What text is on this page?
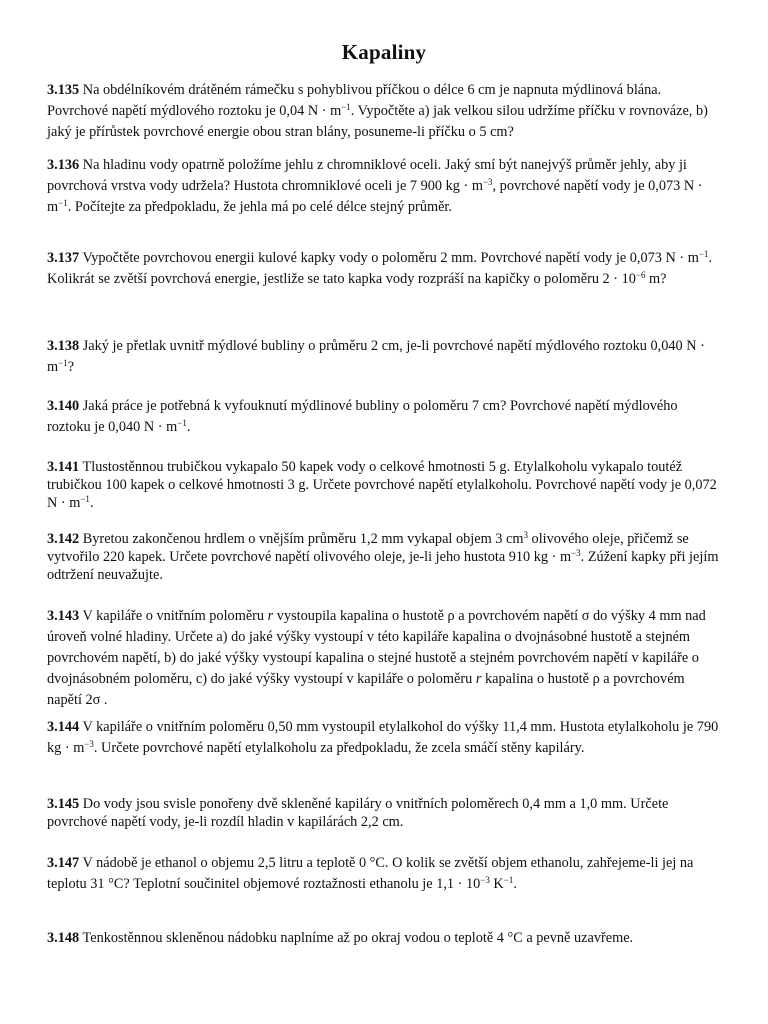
Kapaliny
3.135 Na obdélníkovém drátěném rámečku s pohyblivou příčkou o délce 6 cm je napnuta mýdlinová blána. Povrchové napětí mýdlového roztoku je 0,04 $N \cdot m^{-1}$. Vypočtěte a) jak velkou silou udržíme příčku v rovnováze, b) jaký je přírůstek povrchové energie obou stran blány, posuneme-li příčku o 5 cm?
3.136 Na hladinu vody opatrně položíme jehlu z chromniklové oceli. Jaký smí být nanejvýš průměr jehly, aby ji povrchová vrstva vody udržela? Hustota chromniklové oceli je 7 900 kg · $m^{-3}$, povrchové napětí vody je 0,073 $N \cdot m^{-1}$. Počítejte za předpokladu, že jehla má po celé délce stejný průměr.
3.137 Vypočtěte povrchovou energii kulové kapky vody o poloměru 2 mm. Povrchové napětí vody je 0,073 $N \cdot m^{-1}$. Kolikrát se zvětší povrchová energie, jestliže se tato kapka vody rozpráší na kapičky o poloměru $2 \cdot 10^{-6}$ m?
3.138 Jaký je přetlak uvnitř mýdlové bubliny o průměru 2 cm, je-li povrchové napětí mýdlového roztoku 0,040 $N \cdot m^{-1}$?
3.140 Jaká práce je potřebná k vyfouknutí mýdlinové bubliny o poloměru 7 cm? Povrchové napětí mýdlového roztoku je 0,040 $N \cdot m^{-1}$.
3.141 Tlustostěnnou trubičkou vykapalo 50 kapek vody o celkové hmotnosti 5 g. Etylalkoholu vykapalo toutéž trubičkou 100 kapek o celkové hmotnosti 3 g. Určete povrchové napětí etylalkoholu. Povrchové napětí vody je 0,072 $N \cdot m^{-1}$.
3.142 Byretou zakončenou hrdlem o vnějším průměru 1,2 mm vykapal objem 3 $cm^3$ olivového oleje, přičemž se vytvořilo 220 kapek. Určete povrchové napětí olivového oleje, je-li jeho hustota 910 kg · $m^{-3}$. Zúžení kapky při jejím odtržení neuvažujte.
3.143 V kapiláře o vnitřním poloměru r vystoupila kapalina o hustotě ρ a povrchovém napětí σ do výšky 4 mm nad úroveň volné hladiny. Určete a) do jaké výšky vystoupí v této kapiláře kapalina o dvojnásobné hustotě a stejném povrchovém napětí, b) do jaké výšky vystoupí kapalina o stejné hustotě a stejném povrchovém napětí v kapiláře o dvojnásobném poloměru, c) do jaké výšky vystoupí v kapiláře o poloměru r kapalina o hustotě ρ a povrchovém napětí 2σ .
3.144 V kapiláře o vnitřním poloměru 0,50 mm vystoupil etylalkohol do výšky 11,4 mm. Hustota etylalkoholu je 790 kg · $m^{-3}$. Určete povrchové napětí etylalkoholu za předpokladu, že zcela smáčí stěny kapiláry.
3.145 Do vody jsou svisle ponořeny dvě skleněné kapiláry o vnitřních poloměrech 0,4 mm a 1,0 mm. Určete povrchové napětí vody, je-li rozdíl hladin v kapilárách 2,2 cm.
3.147 V nádobě je ethanol o objemu 2,5 litru a teplotě 0 °C. O kolik se zvětší objem ethanolu, zahřejeme-li jej na teplotu 31 °C? Teplotní součinitel objemové roztažnosti ethanolu je $1,1 \cdot 10^{-3}$ $K^{-1}$.
3.148 Tenkostěnnou skleněnou nádobku naplníme až po okraj vodou o teplotě 4 °C a pevně uzavřeme.
